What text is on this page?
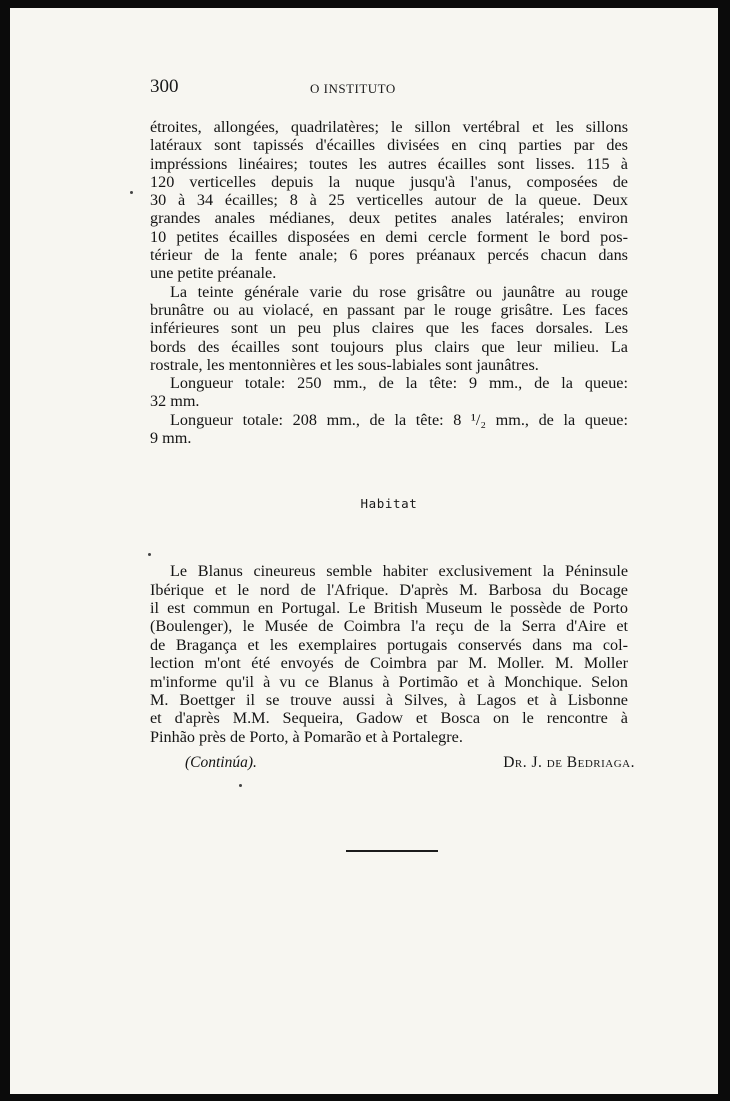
300	O INSTITUTO

étroites, allongées, quadrilatères; le sillon vertébral et les sillons
latéraux sont tapissés d'écailles divisées en cinq parties par des
impréssions linéaires; toutes les autres écailles sont lisses. 115 à
120 verticelles depuis la nuque jusqu'à l'anus, composées de
30 à 34 écailles; 8 à 25 verticelles autour de la queue. Deux
grandes anales médianes, deux petites anales latérales; environ
10 petites écailles disposées en demi cercle forment le bord pos-
térieur de la fente anale; 6 pores préanaux percés chacun dans
une petite préanale.

La teinte générale varie du rose grisâtre ou jaunâtre au rouge
brunâtre ou au violacé, en passant par le rouge grisâtre. Les faces
inférieures sont un peu plus claires que les faces dorsales. Les
bords des écailles sont toujours plus clairs que leur milieu. La
rostrale, les mentonnières et les sous-labiales sont jaunâtres.

Longueur totale: 250 mm., de la tête: 9 mm., de la queue:
32 mm.

Longueur totale: 208 mm., de la tête: 8 ¹/₂ mm., de la queue:
9 mm.

Habitat

Le Blanus cineureus semble habiter exclusivement la Péninsule
Ibérique et le nord de l'Afrique. D'après M. Barbosa du Bocage
il est commun en Portugal. Le British Museum le possède de Porto
(Boulenger), le Musée de Coimbra l'a reçu de la Serra d'Aire et
de Bragança et les exemplaires portugais conservés dans ma col-
lection m'ont été envoyés de Coimbra par M. Moller. M. Moller
m'informe qu'il à vu ce Blanus à Portimão et à Monchique. Selon
M. Boettger il se trouve aussi à Silves, à Lagos et à Lisbonne
et d'après M.M. Sequeira, Gadow et Bosca on le rencontre à
Pinhão près de Porto, à Pomarão et à Portalegre.

(Continúa).	Dr. J. de Bedriaga.
